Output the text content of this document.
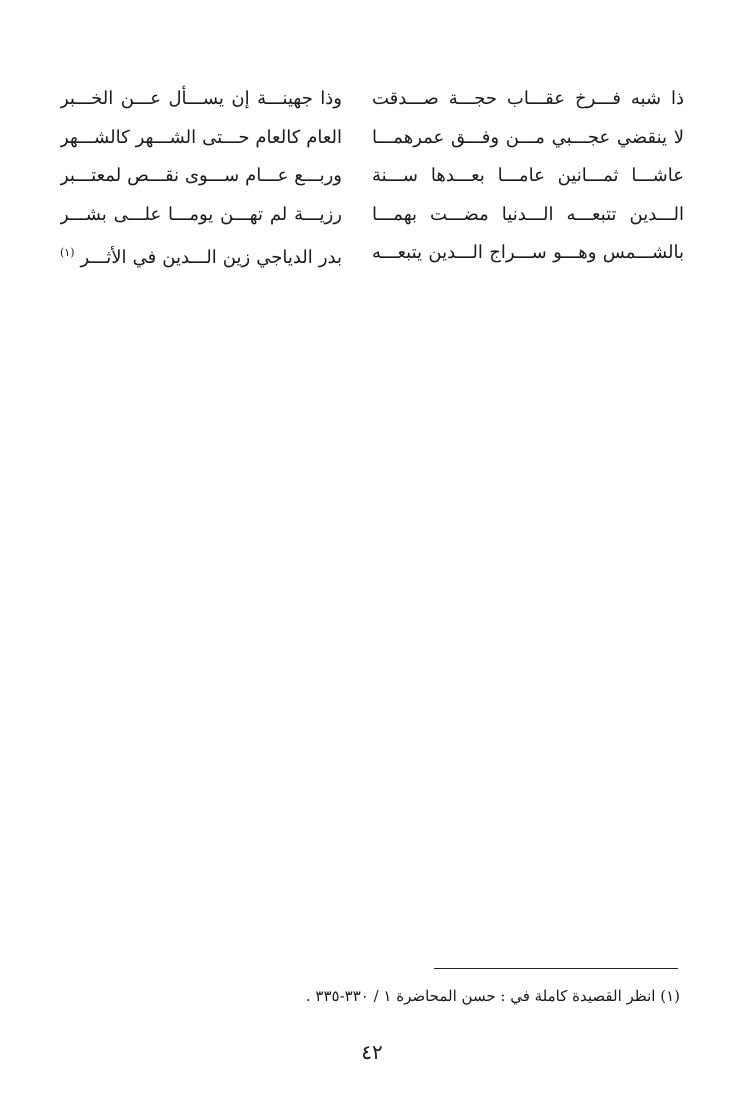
ذا شبه فـــرخ عقـــاب حجـــة صـــدقت
لا ينقضي عجـــبي مـــن وفـــق عمرهمـــا
عاشـــا ثمـــانين عامـــا بعـــدها ســـنة
الـــدين تتبعـــه الـــدنيا مضـــت بهمـــا
بالشـــمس وهـــو ســـراج الـــدين يتبعـــه
وذا جهينـــة إن يســـأل عـــن الخـــبر
العام كالعام حـــتى الشـــهر كالشـــهر
وربـــع عـــام ســـوى نقـــص لمعتـــبر
رزيـــة لم تهـــن يومـــا علـــى بشـــر
بدر الدياجي زين الـــدين في الأثـــر$^{(١)}$
(١) انظر القصيدة كاملة في : حسن المحاضرة ١ / ٣٣٠-٣٣٥ .
٤٢
